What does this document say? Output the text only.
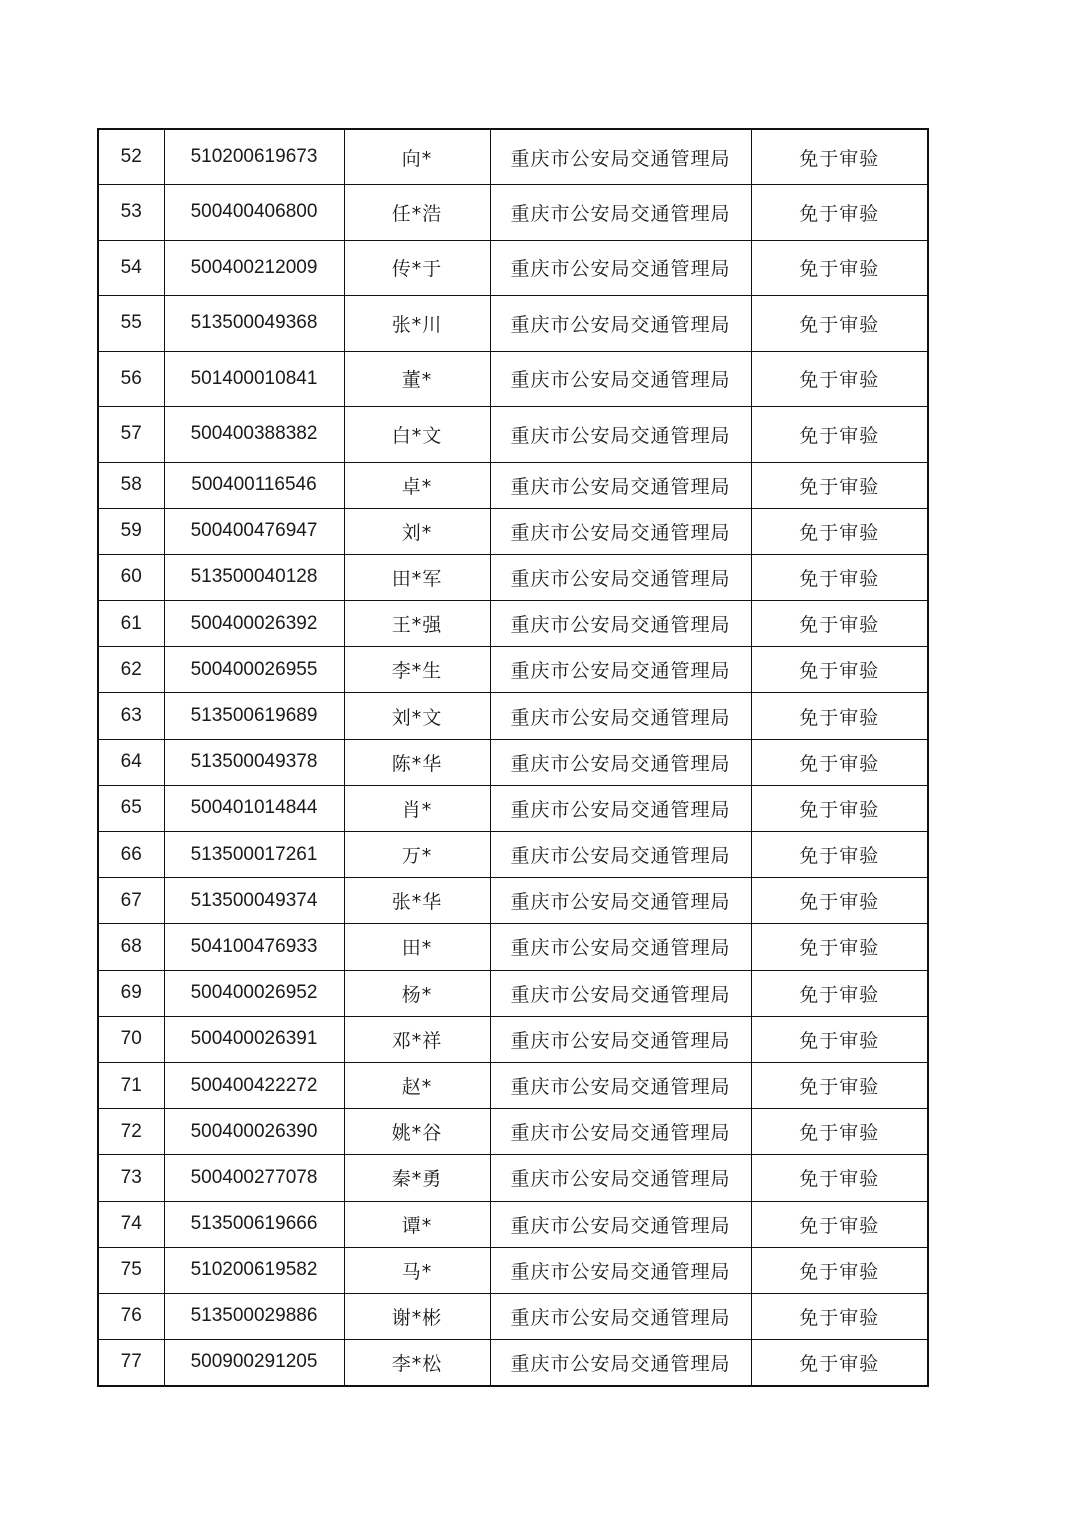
52	510200619673	向*	重庆市公安局交通管理局	免于审验
53	500400406800	任*浩	重庆市公安局交通管理局	免于审验
54	500400212009	传*于	重庆市公安局交通管理局	免于审验
55	513500049368	张*川	重庆市公安局交通管理局	免于审验
56	501400010841	董*	重庆市公安局交通管理局	免于审验
57	500400388382	白*文	重庆市公安局交通管理局	免于审验
58	500400116546	卓*	重庆市公安局交通管理局	免于审验
59	500400476947	刘*	重庆市公安局交通管理局	免于审验
60	513500040128	田*军	重庆市公安局交通管理局	免于审验
61	500400026392	王*强	重庆市公安局交通管理局	免于审验
62	500400026955	李*生	重庆市公安局交通管理局	免于审验
63	513500619689	刘*文	重庆市公安局交通管理局	免于审验
64	513500049378	陈*华	重庆市公安局交通管理局	免于审验
65	500401014844	肖*	重庆市公安局交通管理局	免于审验
66	513500017261	万*	重庆市公安局交通管理局	免于审验
67	513500049374	张*华	重庆市公安局交通管理局	免于审验
68	504100476933	田*	重庆市公安局交通管理局	免于审验
69	500400026952	杨*	重庆市公安局交通管理局	免于审验
70	500400026391	邓*祥	重庆市公安局交通管理局	免于审验
71	500400422272	赵*	重庆市公安局交通管理局	免于审验
72	500400026390	姚*谷	重庆市公安局交通管理局	免于审验
73	500400277078	秦*勇	重庆市公安局交通管理局	免于审验
74	513500619666	谭*	重庆市公安局交通管理局	免于审验
75	510200619582	马*	重庆市公安局交通管理局	免于审验
76	513500029886	谢*彬	重庆市公安局交通管理局	免于审验
77	500900291205	李*松	重庆市公安局交通管理局	免于审验
